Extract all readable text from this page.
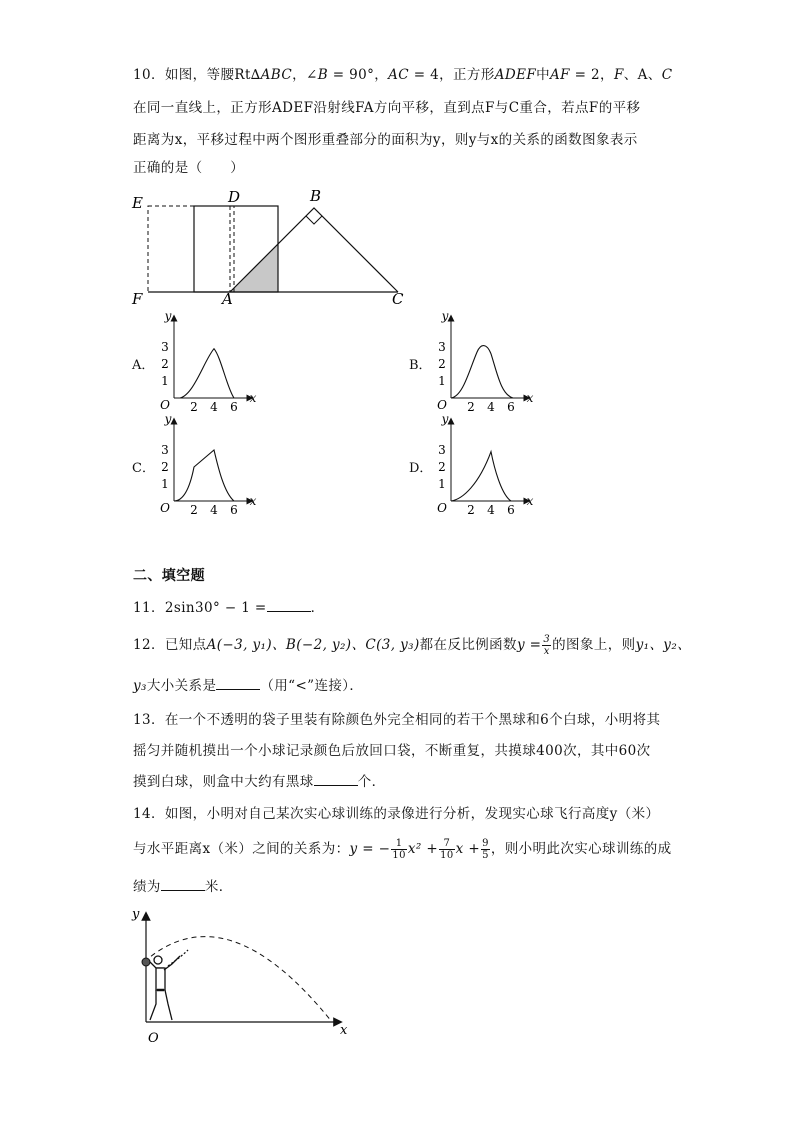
10．如图，等腰Rt∆ABC，∠B = 90°，AC = 4，正方形ADEF中AF = 2，F、A、C
在同一直线上，正方形ADEF沿射线FA方向平移，直到点F与C重合，若点F的平移
距离为x，平移过程中两个图形重叠部分的面积为y，则y与x的关系的函数图象表示
正确的是（　　）
E	D	B
F	A	C
A．
y
x
O
1
2
3
2 4 6
B．
y
x
O
1
2
3
2 4 6
C．
y
x
O
1
2
3
2 4 6
D．
y
x
O
1
2
3
2 4 6
二、填空题
11．2sin30° − 1 =	．
12．已知点A(−3, y₁)、B(−2, y₂)、C(3, y₃)都在反比例函数$y = \frac{3}{x}$ 的图象上，则y₁、y₂、
y₃大小关系是	（用“<”连接）．
13．在一个不透明的袋子里装有除颜色外完全相同的若干个黑球和6个白球，小明将其
摇匀并随机摸出一个小球记录颜色后放回口袋，不断重复，共摸球400次，其中60次
摸到白球，则盒中大约有黑球	个．
14．如图，小明对自己某次实心球训练的录像进行分析，发现实心球飞行高度y（米）
与水平距离x（米）之间的关系为：y = − $\frac{1}{10} x^2 + \frac{7}{10}$ $x + \frac{9}{5}$ ，则小明此次实心球训练的成
绩为	米．
y
x
O
